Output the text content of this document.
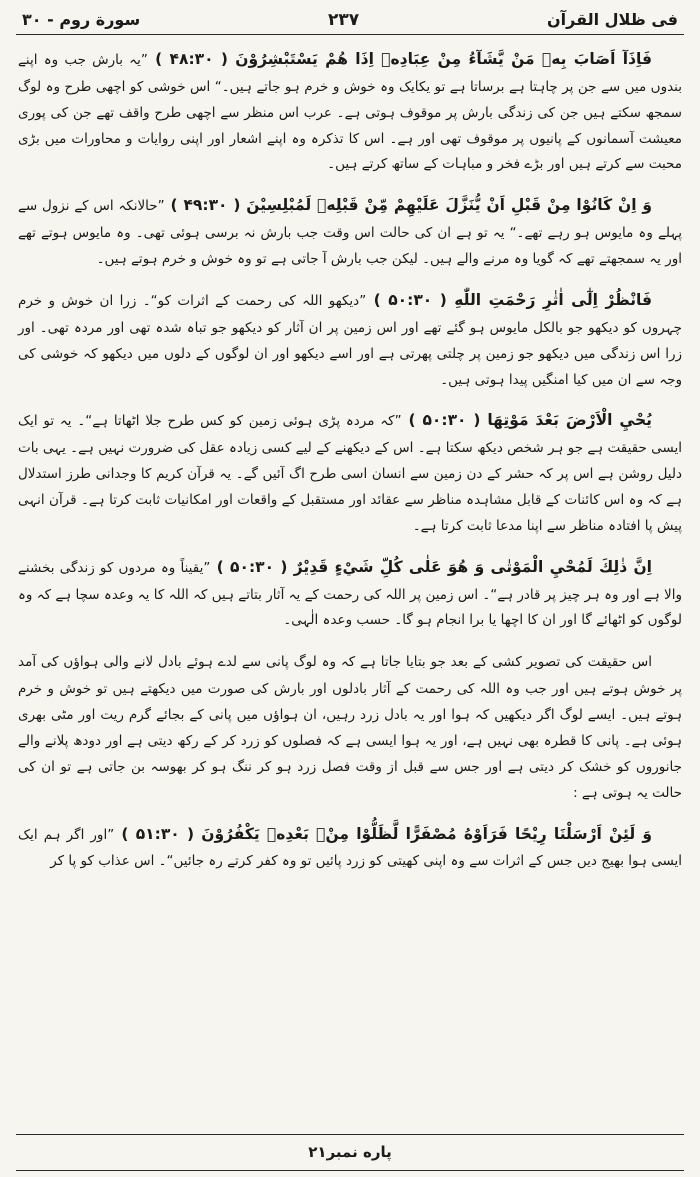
فی ظلال القرآن
۲۳۷
سورة روم - ۳۰

فَاِذَآ اَصَابَ بِهٖ مَنْ يَّشَآءُ مِنْ عِبَادِهٖ اِذَا هُمْ يَسْتَبْشِرُوْنَ ( ۴۸:۳۰ )”یہ بارش جب وہ اپنے بندوں میں سے جن پر چاہتا ہے برساتا ہے تو یکایک وہ خوش و خرم ہو جاتے ہیں۔“ اس خوشی کو اچھی طرح وہ لوگ سمجھ سکتے ہیں جن کی زندگی بارش پر موقوف ہوتی ہے۔ عرب اس منظر سے اچھی طرح واقف تھے جن کی پوری معیشت آسمانوں کے پانیوں پر موقوف تھی اور ہے۔ اس کا تذکرہ وہ اپنے اشعار اور اپنی روایات و محاورات میں بڑی محبت سے کرتے ہیں اور بڑے فخر و مباہات کے ساتھ کرتے ہیں۔

وَ اِنْ كَانُوْا مِنْ قَبْلِ اَنْ يُّنَزَّلَ عَلَيْهِمْ مِّنْ قَبْلِهٖ لَمُبْلِسِيْنَ ( ۴۹:۳۰ )”حالانکہ اس کے نزول سے پہلے وہ مایوس ہو رہے تھے۔“ یہ تو ہے ان کی حالت اس وقت جب بارش نہ برسی ہوئی تھی۔ وہ مایوس ہوتے تھے اور یہ سمجھتے تھے کہ گویا وہ مرنے والے ہیں۔ لیکن جب بارش آ جاتی ہے تو وہ خوش و خرم ہوتے ہیں۔

فَانْظُرْ اِلٰٓى اٰثٰرِ رَحْمَتِ اللّٰهِ ( ۵۰:۳۰ )”دیکھو اللہ کی رحمت کے اثرات کو“۔ زرا ان خوش و خرم چہروں کو دیکھو جو بالکل مایوس ہو گئے تھے اور اس زمین پر ان آثار کو دیکھو جو تباہ شدہ تھی اور مردہ تھی۔ اور زرا اس زندگی میں دیکھو جو زمین پر چلتی پھرتی ہے اور اسے دیکھو اور ان لوگوں کے دلوں میں دیکھو کہ خوشی کی وجہ سے ان میں کیا امنگیں پیدا ہوتی ہیں۔

يُحْيِ الْاَرْضَ بَعْدَ مَوْتِهَا ( ۵۰:۳۰ )”کہ مردہ پڑی ہوئی زمین کو کس طرح جلا اٹھاتا ہے“۔ یہ تو ایک ایسی حقیقت ہے جو ہر شخص دیکھ سکتا ہے۔ اس کے دیکھنے کے لیے کسی زیادہ عقل کی ضرورت نہیں ہے۔ یہی بات دلیل روشن ہے اس پر کہ حشر کے دن زمین سے انسان اسی طرح اگ آئیں گے۔ یہ قرآن کریم کا وجدانی طرز استدلال ہے کہ وہ اس کائنات کے قابل مشاہدہ مناظر سے عقائد اور مستقبل کے واقعات اور امکانیات ثابت کرتا ہے۔ قرآن انہی پیش پا افتادہ مناظر سے اپنا مدعا ثابت کرتا ہے۔

اِنَّ ذٰلِكَ لَمُحْيِ الْمَوْتٰى وَ هُوَ عَلٰى كُلِّ شَيْءٍ قَدِيْرٌ ( ۵۰:۳۰ )”یقیناً وہ مردوں کو زندگی بخشنے والا ہے اور وہ ہر چیز پر قادر ہے“۔ اس زمین پر اللہ کی رحمت کے یہ آثار بتاتے ہیں کہ اللہ کا یہ وعدہ سچا ہے کہ وہ لوگوں کو اٹھائے گا اور ان کا اچھا یا برا انجام ہو گا۔ حسب وعدہ الٰہی۔

اس حقیقت کی تصویر کشی کے بعد جو بتایا جاتا ہے کہ وہ لوگ پانی سے لدے ہوئے بادل لانے والی ہواؤں کی آمد پر خوش ہوتے ہیں اور جب وہ اللہ کی رحمت کے آثار بادلوں اور بارش کی صورت میں دیکھتے ہیں تو خوش و خرم ہوتے ہیں۔ ایسے لوگ اگر دیکھیں کہ ہوا اور یہ بادل زرد رہیں، ان ہواؤں میں پانی کے بجائے گرم ریت اور مٹی بھری ہوئی ہے۔ پانی کا قطرہ بھی نہیں ہے، اور یہ ہوا ایسی ہے کہ فصلوں کو زرد کر کے رکھ دیتی ہے اور دودھ پلانے والے جانوروں کو خشک کر دیتی ہے اور جس سے قبل از وقت فصل زرد ہو کر ننگ ہو کر بھوسہ بن جاتی ہے تو ان کی حالت یہ ہوتی ہے :

وَ لَئِنْ اَرْسَلْنَا رِيْحًا فَرَاَوْهُ مُصْفَرًّا لَّظَلُّوْا مِنْۢ بَعْدِهٖ يَكْفُرُوْنَ ( ۵۱:۳۰ )”اور اگر ہم ایک ایسی ہوا بھیج دیں جس کے اثرات سے وہ اپنی کھیتی کو زرد پائیں تو وہ کفر کرتے رہ جائیں“۔ اس عذاب کو پا کر

پاره نمبر۲۱
